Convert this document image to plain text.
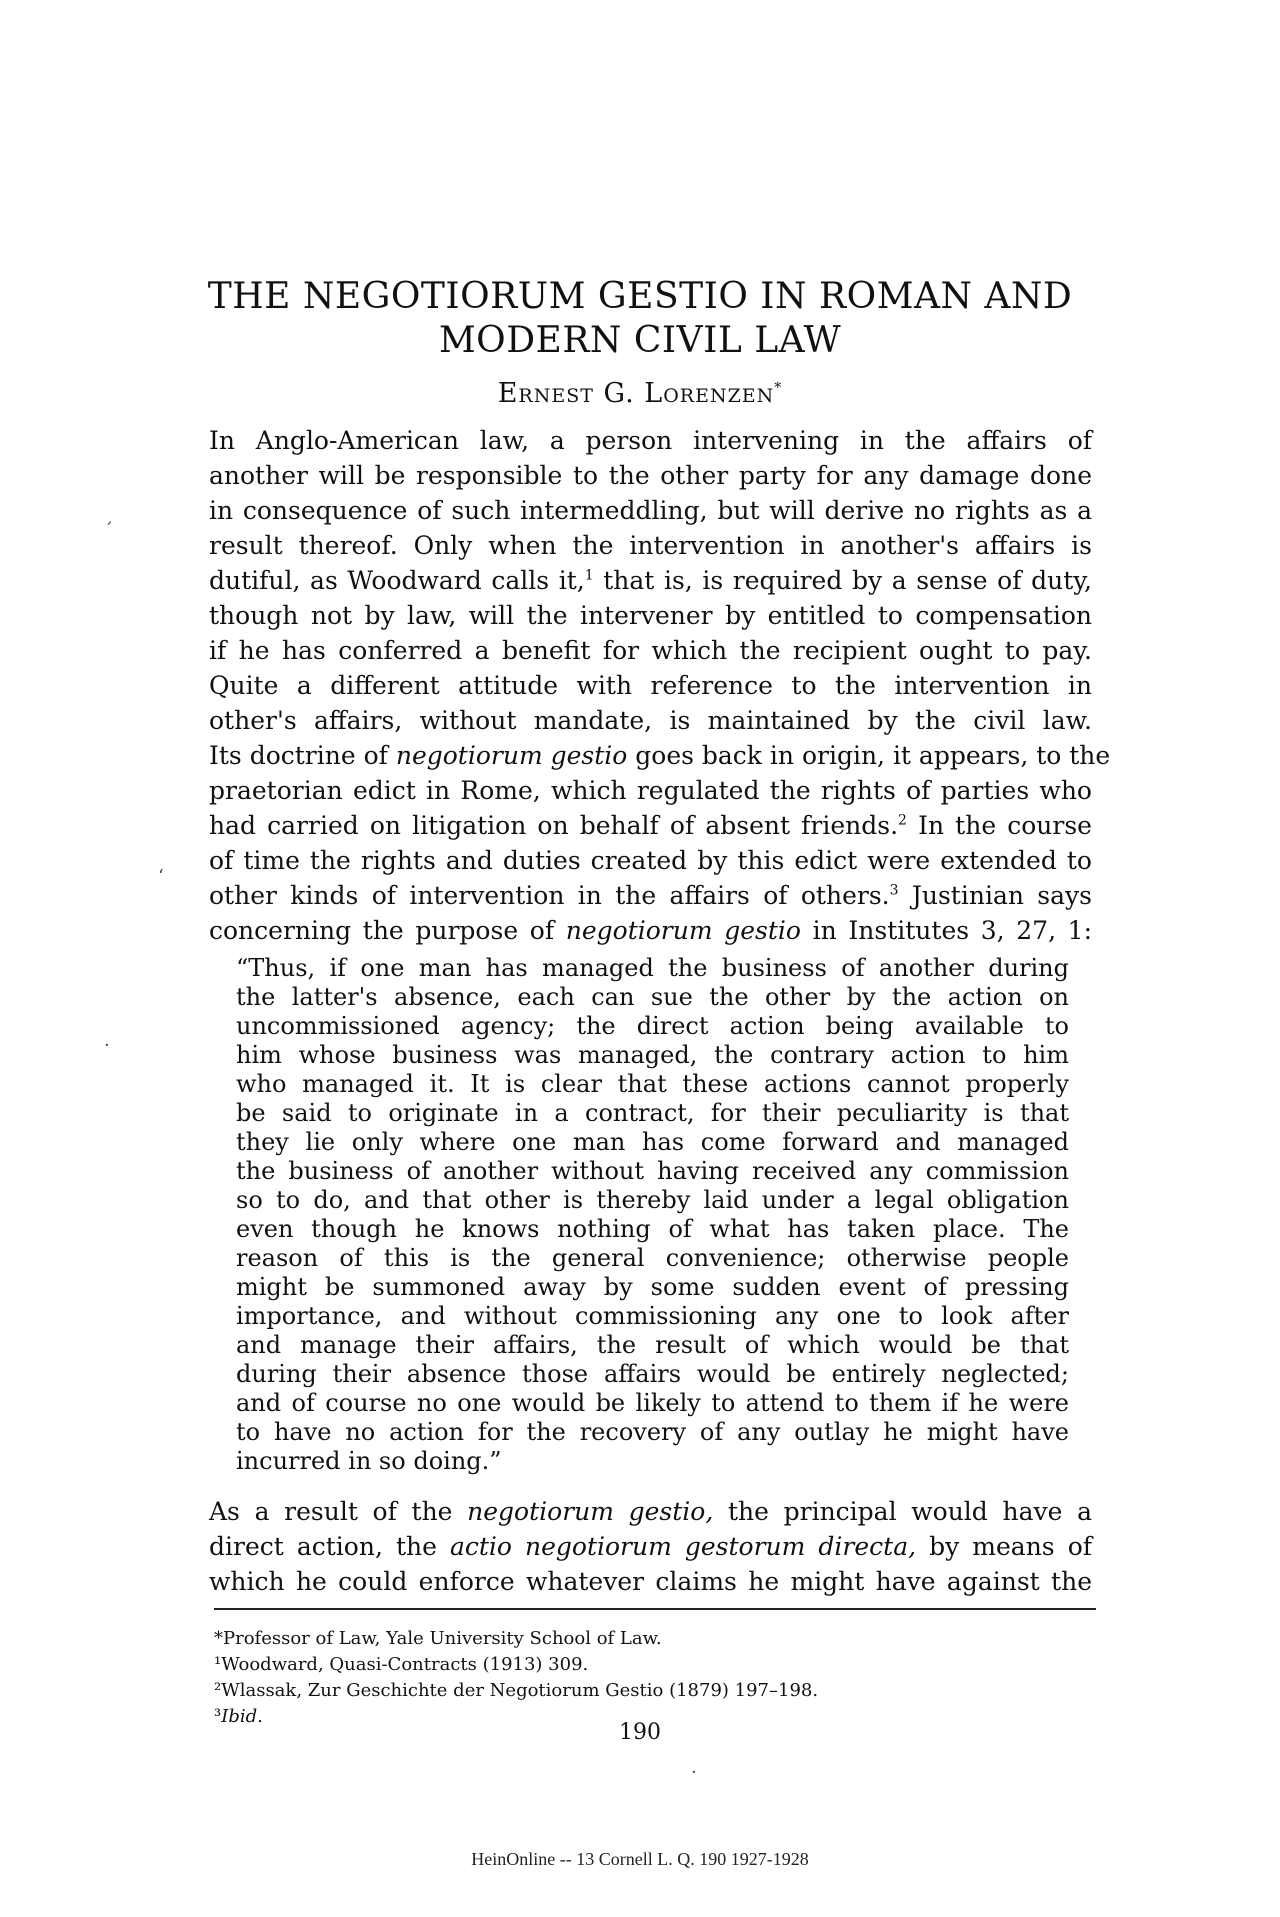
THE NEGOTIORUM GESTIO IN ROMAN AND
MODERN CIVIL LAW
Ernest G. Lorenzen*
In Anglo-American law, a person intervening in the affairs of
another will be responsible to the other party for any damage done
in consequence of such intermeddling, but will derive no rights as a
result thereof. Only when the intervention in another's affairs is
dutiful, as Woodward calls it,$^1$ that is, is required by a sense of duty,
though not by law, will the intervener by entitled to compensation
if he has conferred a benefit for which the recipient ought to pay.
Quite a different attitude with reference to the intervention in
other's affairs, without mandate, is maintained by the civil law.
Its doctrine of negotiorum gestio goes back in origin, it appears, to the
praetorian edict in Rome, which regulated the rights of parties who
had carried on litigation on behalf of absent friends.$^2$ In the course
of time the rights and duties created by this edict were extended to
other kinds of intervention in the affairs of others.$^3$ Justinian says
concerning the purpose of negotiorum gestio in Institutes 3, 27, 1:
“Thus, if one man has managed the business of another during
the latter's absence, each can sue the other by the action on
uncommissioned agency; the direct action being available to
him whose business was managed, the contrary action to him
who managed it. It is clear that these actions cannot properly
be said to originate in a contract, for their peculiarity is that
they lie only where one man has come forward and managed
the business of another without having received any commission
so to do, and that other is thereby laid under a legal obligation
even though he knows nothing of what has taken place. The
reason of this is the general convenience; otherwise people
might be summoned away by some sudden event of pressing
importance, and without commissioning any one to look after
and manage their affairs, the result of which would be that
during their absence those affairs would be entirely neglected;
and of course no one would be likely to attend to them if he were
to have no action for the recovery of any outlay he might have
incurred in so doing.”
As a result of the negotiorum gestio, the principal would have a
direct action, the actio negotiorum gestorum directa, by means of
which he could enforce whatever claims he might have against the
*Professor of Law, Yale University School of Law.
¹Woodward, Quasi-Contracts (1913) 309.
²Wlassak, Zur Geschichte der Negotiorum Gestio (1879) 197–198.
³Ibid.
190
´
‘
·
·
HeinOnline -- 13 Cornell L. Q. 190 1927-1928
